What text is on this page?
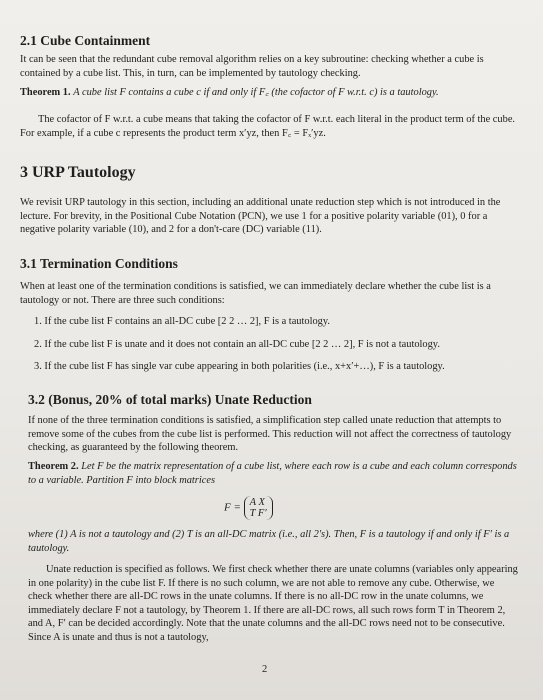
2.1 Cube Containment

It can be seen that the redundant cube removal algorithm relies on a key subroutine: checking whether a cube is contained by a cube list. This, in turn, can be implemented by tautology checking.

Theorem 1. A cube list F contains a cube c if and only if F꜀ (the cofactor of F w.r.t. c) is a tautology.

The cofactor of F w.r.t. a cube means that taking the cofactor of F w.r.t. each literal in the product term of the cube. For example, if a cube c represents the product term x′yz, then F꜀ = Fₓ′yz.

3 URP Tautology

We revisit URP tautology in this section, including an additional unate reduction step which is not introduced in the lecture. For brevity, in the Positional Cube Notation (PCN), we use 1 for a positive polarity variable (01), 0 for a negative polarity variable (10), and 2 for a don't-care (DC) variable (11).

3.1 Termination Conditions

When at least one of the termination conditions is satisfied, we can immediately declare whether the cube list is a tautology or not. There are three such conditions:

1. If the cube list F contains an all-DC cube [2 2 … 2], F is a tautology.
2. If the cube list F is unate and it does not contain an all-DC cube [2 2 … 2], F is not a tautology.
3. If the cube list F has single var cube appearing in both polarities (i.e., x+x′+…), F is a tautology.
3.2 (Bonus, 20% of total marks) Unate Reduction

If none of the three termination conditions is satisfied, a simplification step called unate reduction that attempts to remove some of the cubes from the cube list is performed. This reduction will not affect the correctness of tautology checking, as guaranteed by the following theorem.

Theorem 2. Let F be the matrix representation of a cube list, where each row is a cube and each column corresponds to a variable. Partition F into block matrices

F = A X
T F′

where (1) A is not a tautology and (2) T is an all-DC matrix (i.e., all 2's). Then, F is a tautology if and only if F′ is a tautology.

Unate reduction is specified as follows. We first check whether there are unate columns (variables only appearing in one polarity) in the cube list F. If there is no such column, we are not able to remove any cube. Otherwise, we check whether there are all-DC rows in the unate columns. If there is no all-DC row in the unate columns, we immediately declare F not a tautology, by Theorem 1. If there are all-DC rows, all such rows form T in Theorem 2, and A, F′ can be decided accordingly. Note that the unate columns and the all-DC rows need not to be consecutive. Since A is unate and thus is not a tautology,

2
